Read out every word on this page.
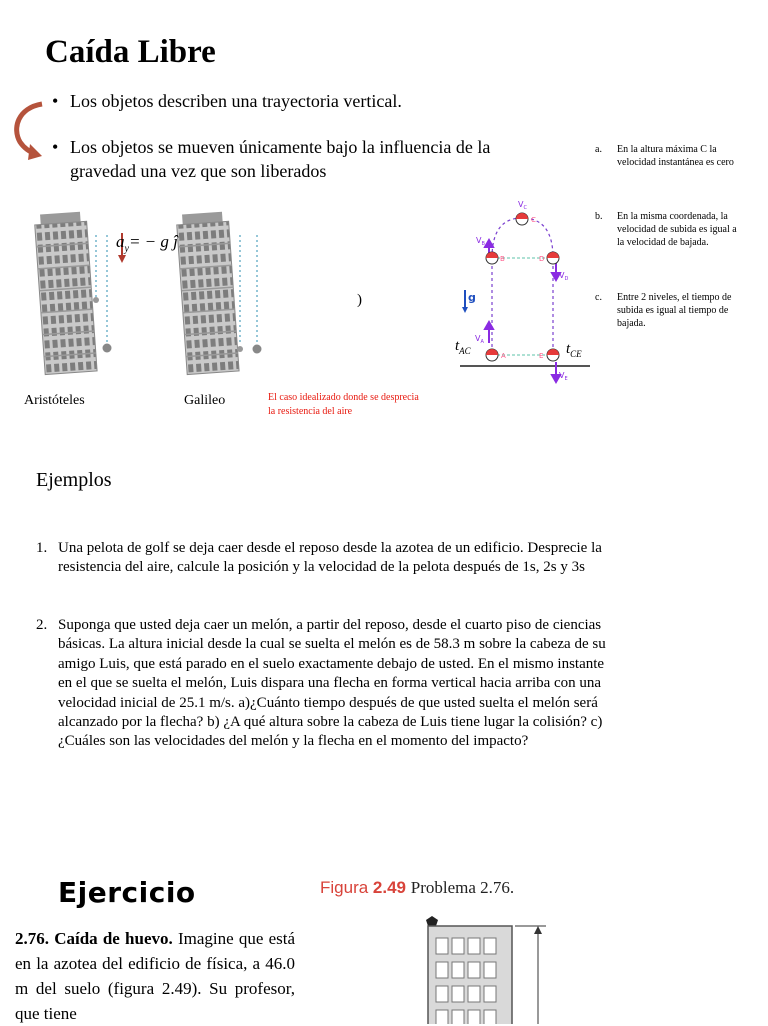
Caída Libre
• Los objetos describen una trayectoria vertical.
• Los objetos se mueven únicamente bajo la influencia de la gravedad una vez que son liberados
a. En la altura máxima C la velocidad instantánea es cero
b. En la misma coordenada, la velocidad de subida es igual a la velocidad de bajada.
c. Entre 2 niveles, el tiempo de subida es igual al tiempo de bajada.
$a_y= - g$ ĵ
)
Aristóteles	Galileo	El caso idealizado donde se desprecia la resistencia del aire
g
A
B
C
D
E
$V_A$
$V_B$
$V_C$
$V_D$
$V_E$
$t_{AC}$	$t_{CE}$
Ejemplos
1. Una pelota de golf se deja caer desde el reposo desde la azotea de un edificio. Desprecie la resistencia del aire, calcule la posición y la velocidad de la pelota después de 1s, 2s y 3s
2. Suponga que usted deja caer un melón, a partir del reposo, desde el cuarto piso de ciencias básicas. La altura inicial desde la cual se suelta el melón es de 58.3 m sobre la cabeza de su amigo Luis, que está parado en el suelo exactamente debajo de usted. En el mismo instante en el que se suelta el melón, Luis dispara una flecha en forma vertical hacia arriba con una velocidad inicial de 25.1 m/s. a)¿Cuánto tiempo después de que usted suelta el melón será alcanzado por la flecha? b) ¿A qué altura sobre la cabeza de Luis tiene lugar la colisión? c) ¿Cuáles son las velocidades del melón y la flecha en el momento del impacto?
Ejercicio
2.76. Caída de huevo. Imagine que está en la azotea del edificio de física, a 46.0 m del suelo (figura 2.49). Su profesor, que tiene
Figura 2.49 Problema 2.76.
